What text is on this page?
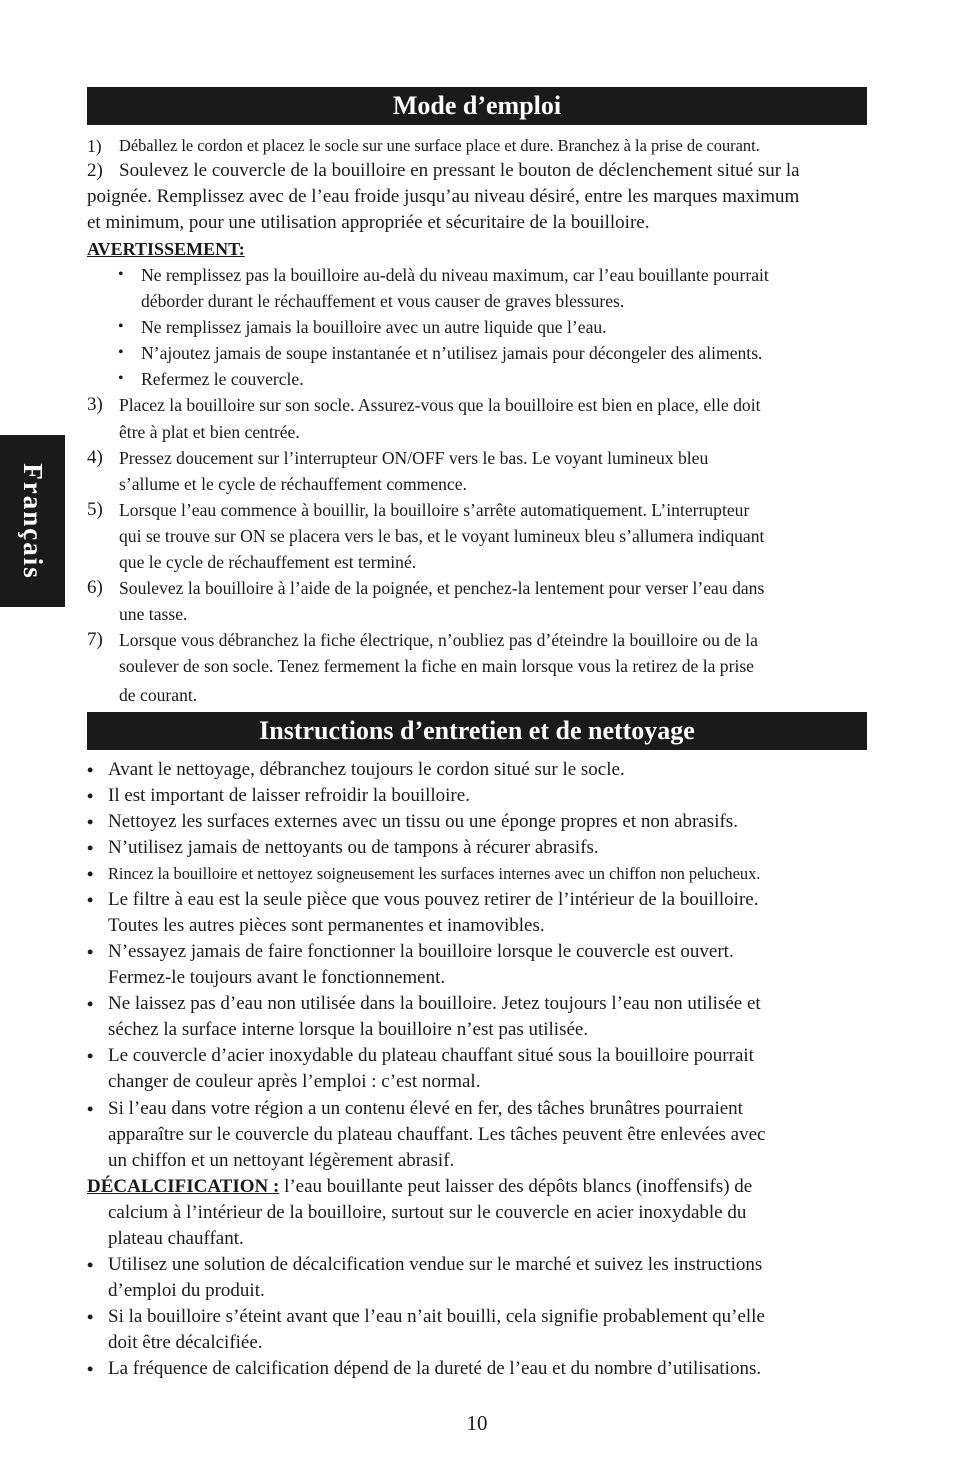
Français
Mode d’emploi
1) Déballez le cordon et placez le socle sur une surface place et dure. Branchez à la prise de courant.
2) Soulevez le couvercle de la bouilloire en pressant le bouton de déclenchement situé sur la
poignée. Remplissez avec de l’eau froide jusqu’au niveau désiré, entre les marques maximum
et minimum, pour une utilisation appropriée et sécuritaire de la bouilloire.
AVERTISSEMENT:
• Ne remplissez pas la bouilloire au-delà du niveau maximum, car l’eau bouillante pourrait
déborder durant le réchauffement et vous causer de graves blessures.
• Ne remplissez jamais la bouilloire avec un autre liquide que l’eau.
• N’ajoutez jamais de soupe instantanée et n’utilisez jamais pour décongeler des aliments.
• Refermez le couvercle.
3) Placez la bouilloire sur son socle. Assurez-vous que la bouilloire est bien en place, elle doit
être à plat et bien centrée.
4) Pressez doucement sur l’interrupteur ON/OFF vers le bas. Le voyant lumineux bleu
s’allume et le cycle de réchauffement commence.
5) Lorsque l’eau commence à bouillir, la bouilloire s’arrête automatiquement. L’interrupteur
qui se trouve sur ON se placera vers le bas, et le voyant lumineux bleu s’allumera indiquant
que le cycle de réchauffement est terminé.
6) Soulevez la bouilloire à l’aide de la poignée, et penchez-la lentement pour verser l’eau dans
une tasse.
7) Lorsque vous débranchez la fiche électrique, n’oubliez pas d’éteindre la bouilloire ou de la
soulever de son socle. Tenez fermement la fiche en main lorsque vous la retirez de la prise
de courant.
Instructions d’entretien et de nettoyage
• Avant le nettoyage, débranchez toujours le cordon situé sur le socle.
• Il est important de laisser refroidir la bouilloire.
• Nettoyez les surfaces externes avec un tissu ou une éponge propres et non abrasifs.
• N’utilisez jamais de nettoyants ou de tampons à récurer abrasifs.
• Rincez la bouilloire et nettoyez soigneusement les surfaces internes avec un chiffon non pelucheux.
• Le filtre à eau est la seule pièce que vous pouvez retirer de l’intérieur de la bouilloire.
Toutes les autres pièces sont permanentes et inamovibles.
• N’essayez jamais de faire fonctionner la bouilloire lorsque le couvercle est ouvert.
Fermez-le toujours avant le fonctionnement.
• Ne laissez pas d’eau non utilisée dans la bouilloire. Jetez toujours l’eau non utilisée et
séchez la surface interne lorsque la bouilloire n’est pas utilisée.
• Le couvercle d’acier inoxydable du plateau chauffant situé sous la bouilloire pourrait
changer de couleur après l’emploi : c’est normal.
• Si l’eau dans votre région a un contenu élevé en fer, des tâches brunâtres pourraient
apparaître sur le couvercle du plateau chauffant. Les tâches peuvent être enlevées avec
un chiffon et un nettoyant légèrement abrasif.
DÉCALCIFICATION : l’eau bouillante peut laisser des dépôts blancs (inoffensifs) de
calcium à l’intérieur de la bouilloire, surtout sur le couvercle en acier inoxydable du
plateau chauffant.
• Utilisez une solution de décalcification vendue sur le marché et suivez les instructions
d’emploi du produit.
• Si la bouilloire s’éteint avant que l’eau n’ait bouilli, cela signifie probablement qu’elle
doit être décalcifiée.
• La fréquence de calcification dépend de la dureté de l’eau et du nombre d’utilisations.
10
